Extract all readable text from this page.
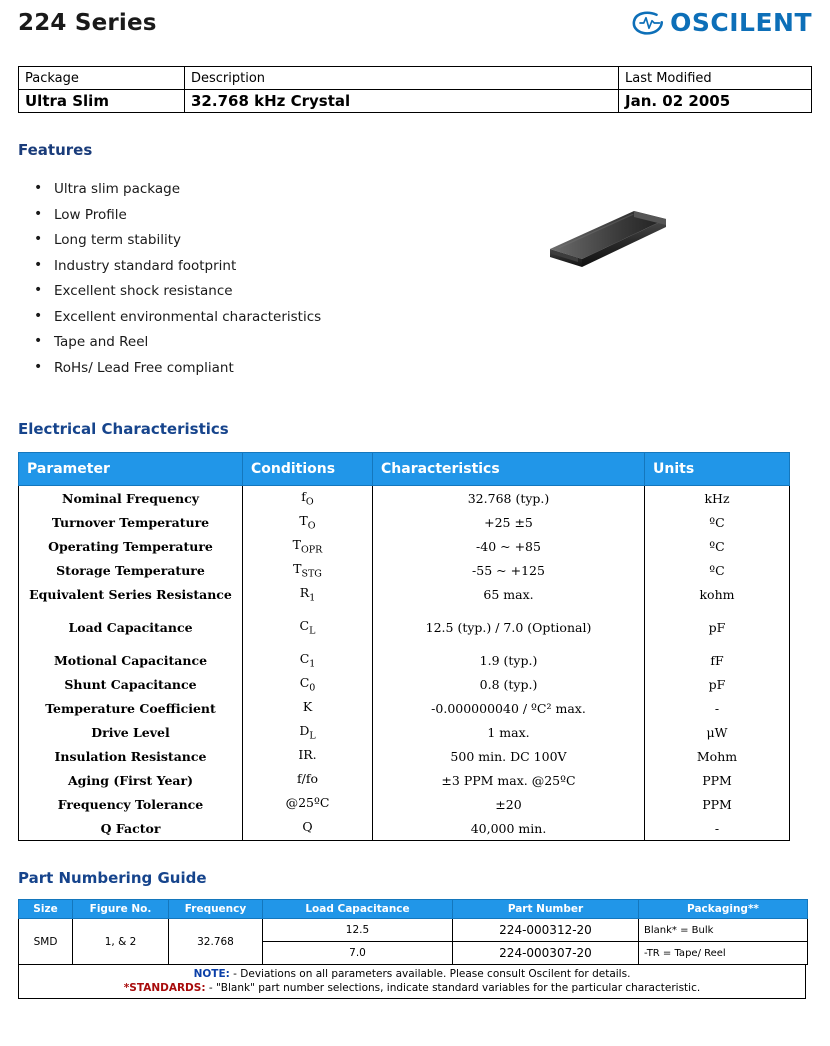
224 Series	OSCILENT
Package	Description	Last Modified
Ultra Slim	32.768 kHz Crystal	Jan. 02 2005
Features
• Ultra slim package
• Low Profile
• Long term stability
• Industry standard footprint
• Excellent shock resistance
• Excellent environmental characteristics
• Tape and Reel
• RoHs/ Lead Free compliant
Electrical Characteristics
Parameter	Conditions	Characteristics	Units
Nominal Frequency	$f_O$	32.768 (typ.)	kHz
Turnover Temperature	$T_O$	+25 ±5	ºC
Operating Temperature	$T_{OPR}$	-40 ~ +85	ºC
Storage Temperature	$T_{STG}$	-55 ~ +125	ºC
Equivalent Series Resistance	$R_1$	65 max.	kohm
Load Capacitance	$C_L$	12.5 (typ.) / 7.0 (Optional)	pF
Motional Capacitance	$C_1$	1.9 (typ.)	fF
Shunt Capacitance	$C_0$	0.8 (typ.)	pF
Temperature Coefficient	K	-0.000000040 / ºC² max.	-
Drive Level	$D_L$	1 max.	μW
Insulation Resistance	IR.	500 min. DC 100V	Mohm
Aging (First Year)	f/fo	±3 PPM max. @25ºC	PPM
Frequency Tolerance	@25ºC	±20	PPM
Q Factor	Q	40,000 min.	-
Part Numbering Guide
Size	Figure No.	Frequency	Load Capacitance	Part Number	Packaging**
SMD	1, & 2	32.768	12.5	224-000312-20	Blank* = Bulk
			7.0	224-000307-20	-TR = Tape/ Reel
NOTE: - Deviations on all parameters available. Please consult Oscilent for details.
*STANDARDS: - "Blank" part number selections, indicate standard variables for the particular characteristic.
